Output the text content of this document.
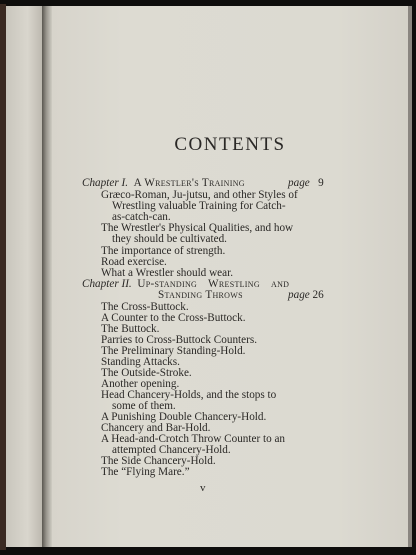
CONTENTS
Chapter I. A Wrestler's Training	page 9
Græco-Roman, Ju-jutsu, and other Styles of
Wrestling valuable Training for Catch-
as-catch-can.
The Wrestler's Physical Qualities, and how
they should be cultivated.
The importance of strength.
Road exercise.
What a Wrestler should wear.
Chapter II. Up-standing Wrestling and
Standing Throws	page 26
The Cross-Buttock.
A Counter to the Cross-Buttock.
The Buttock.
Parries to Cross-Buttock Counters.
The Preliminary Standing-Hold.
Standing Attacks.
The Outside-Stroke.
Another opening.
Head Chancery-Holds, and the stops to
some of them.
A Punishing Double Chancery-Hold.
Chancery and Bar-Hold.
A Head-and-Crotch Throw Counter to an
attempted Chancery-Hold.
The Side Chancery-Hold.
The “Flying Mare.”
v
